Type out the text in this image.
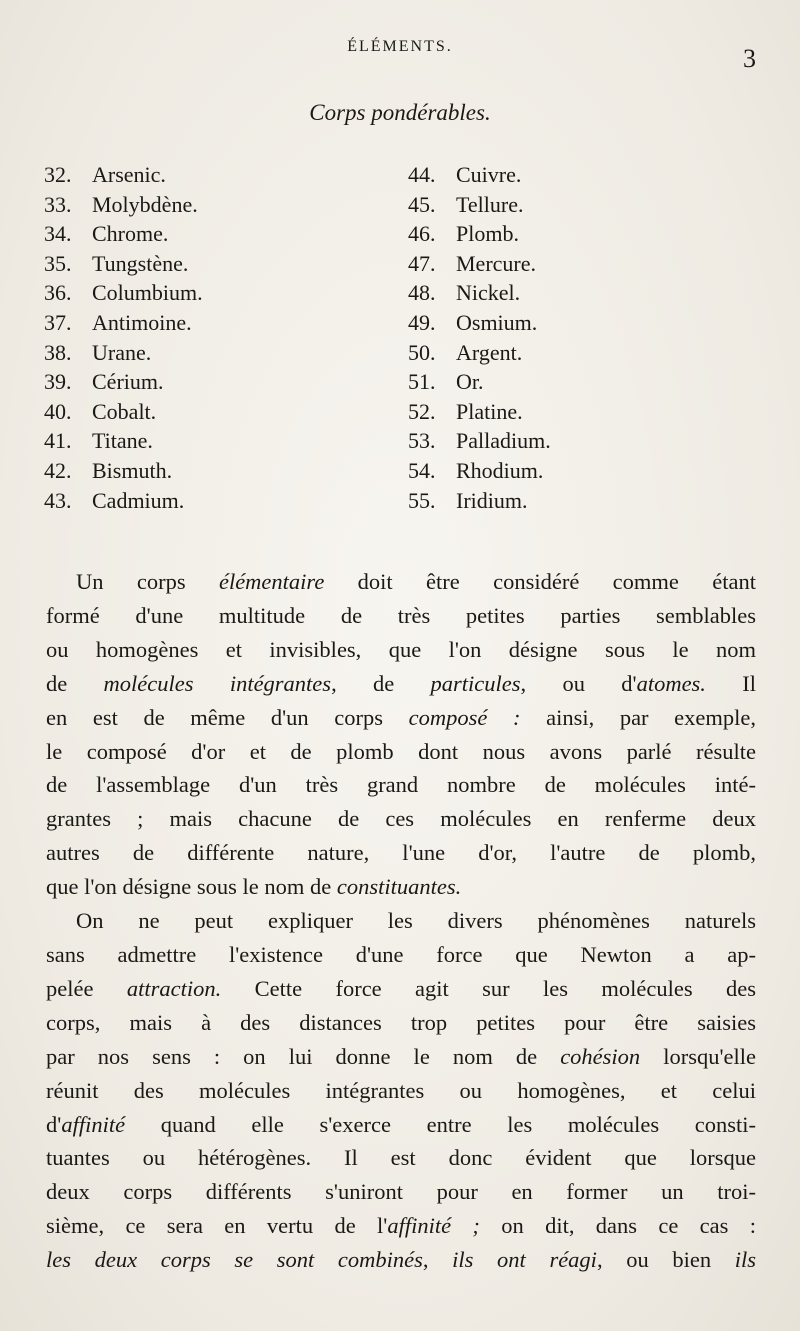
ÉLÉMENTS.	3
Corps pondérables.
32. Arsenic.
33. Molybdène.
34. Chrome.
35. Tungstène.
36. Columbium.
37. Antimoine.
38. Urane.
39. Cérium.
40. Cobalt.
41. Titane.
42. Bismuth.
43. Cadmium.
44. Cuivre.
45. Tellure.
46. Plomb.
47. Mercure.
48. Nickel.
49. Osmium.
50. Argent.
51. Or.
52. Platine.
53. Palladium.
54. Rhodium.
55. Iridium.

Un corps élémentaire doit être considéré comme étant

formé d'une multitude de très petites parties semblables

ou homogènes et invisibles, que l'on désigne sous le nom

de molécules intégrantes, de particules, ou d'atomes. Il

en est de même d'un corps composé : ainsi, par exemple,

le composé d'or et de plomb dont nous avons parlé résulte

de l'assemblage d'un très grand nombre de molécules inté-

grantes ; mais chacune de ces molécules en renferme deux

autres de différente nature, l'une d'or, l'autre de plomb,

que l'on désigne sous le nom de constituantes.

On ne peut expliquer les divers phénomènes naturels

sans admettre l'existence d'une force que Newton a ap-

pelée attraction. Cette force agit sur les molécules des

corps, mais à des distances trop petites pour être saisies

par nos sens : on lui donne le nom de cohésion lorsqu'elle

réunit des molécules intégrantes ou homogènes, et celui

d'affinité quand elle s'exerce entre les molécules consti-

tuantes ou hétérogènes. Il est donc évident que lorsque

deux corps différents s'uniront pour en former un troi-

sième, ce sera en vertu de l'affinité ; on dit, dans ce cas :

les deux corps se sont combinés, ils ont réagi, ou bien ils
